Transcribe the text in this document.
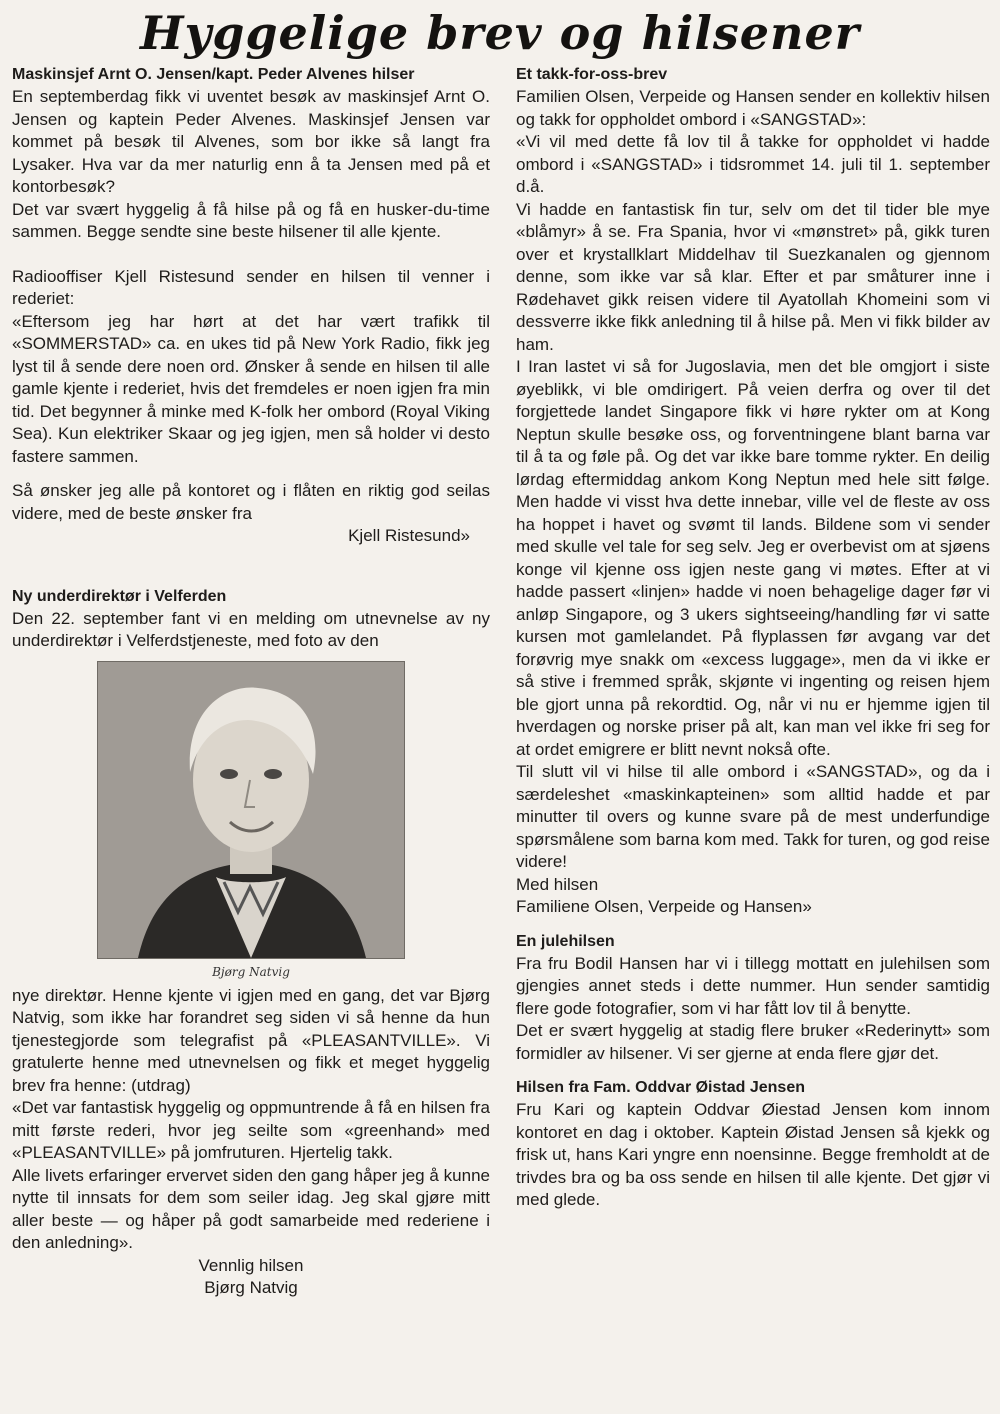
Hyggelige brev og hilsener

Maskinsjef Arnt O. Jensen/kapt. Peder Alvenes hilser

En septemberdag fikk vi uventet besøk av maskinsjef Arnt O. Jensen og kaptein Peder Alvenes. Maskinsjef Jensen var kommet på besøk til Alvenes, som bor ikke så langt fra Lysaker. Hva var da mer naturlig enn å ta Jensen med på et kontorbesøk?

Det var svært hyggelig å få hilse på og få en husker-du-time sammen. Begge sendte sine beste hilsener til alle kjente.

Radiooffiser Kjell Ristesund sender en hilsen til venner i rederiet:

«Eftersom jeg har hørt at det har vært trafikk til «SOMMERSTAD» ca. en ukes tid på New York Radio, fikk jeg lyst til å sende dere noen ord. Ønsker å sende en hilsen til alle gamle kjente i rederiet, hvis det fremdeles er noen igjen fra min tid. Det begynner å minke med K-folk her ombord (Royal Viking Sea). Kun elektriker Skaar og jeg igjen, men så holder vi desto fastere sammen.

Så ønsker jeg alle på kontoret og i flåten en riktig god seilas videre, med de beste ønsker fra

Kjell Ristesund»

Ny underdirektør i Velferden

Den 22. september fant vi en melding om utnevnelse av ny underdirektør i Velferdstjeneste, med foto av den

Bjørg Natvig

nye direktør. Henne kjente vi igjen med en gang, det var Bjørg Natvig, som ikke har forandret seg siden vi så henne da hun tjenestegjorde som telegrafist på «PLEASANTVILLE». Vi gratulerte henne med utnevnelsen og fikk et meget hyggelig brev fra henne: (utdrag)

«Det var fantastisk hyggelig og oppmuntrende å få en hilsen fra mitt første rederi, hvor jeg seilte som «greenhand» med «PLEASANTVILLE» på jomfruturen. Hjertelig takk.

Alle livets erfaringer ervervet siden den gang håper jeg å kunne nytte til innsats for dem som seiler idag. Jeg skal gjøre mitt aller beste — og håper på godt samarbeide med rederiene i den anledning».

Vennlig hilsen

Bjørg Natvig

Et takk-for-oss-brev

Familien Olsen, Verpeide og Hansen sender en kollektiv hilsen og takk for oppholdet ombord i «SANGSTAD»:

«Vi vil med dette få lov til å takke for oppholdet vi hadde ombord i «SANGSTAD» i tidsrommet 14. juli til 1. september d.å.

Vi hadde en fantastisk fin tur, selv om det til tider ble mye «blåmyr» å se. Fra Spania, hvor vi «mønstret» på, gikk turen over et krystallklart Middelhav til Suezkanalen og gjennom denne, som ikke var så klar. Efter et par småturer inne i Rødehavet gikk reisen videre til Ayatollah Khomeini som vi dessverre ikke fikk anledning til å hilse på. Men vi fikk bilder av ham.

I Iran lastet vi så for Jugoslavia, men det ble omgjort i siste øyeblikk, vi ble omdirigert. På veien derfra og over til det forgjettede landet Singapore fikk vi høre rykter om at Kong Neptun skulle besøke oss, og forventningene blant barna var til å ta og føle på. Og det var ikke bare tomme rykter. En deilig lørdag eftermiddag ankom Kong Neptun med hele sitt følge. Men hadde vi visst hva dette innebar, ville vel de fleste av oss ha hoppet i havet og svømt til lands. Bildene som vi sender med skulle vel tale for seg selv. Jeg er overbevist om at sjøens konge vil kjenne oss igjen neste gang vi møtes. Efter at vi hadde passert «linjen» hadde vi noen behagelige dager før vi anløp Singapore, og 3 ukers sightseeing/handling før vi satte kursen mot gamlelandet. På flyplassen før avgang var det forøvrig mye snakk om «excess luggage», men da vi ikke er så stive i fremmed språk, skjønte vi ingenting og reisen hjem ble gjort unna på rekordtid. Og, når vi nu er hjemme igjen til hverdagen og norske priser på alt, kan man vel ikke fri seg for at ordet emigrere er blitt nevnt nokså ofte.

Til slutt vil vi hilse til alle ombord i «SANGSTAD», og da i særdeleshet «maskinkapteinen» som alltid hadde et par minutter til overs og kunne svare på de mest underfundige spørsmålene som barna kom med. Takk for turen, og god reise videre!

Med hilsen

Familiene Olsen, Verpeide og Hansen»

En julehilsen

Fra fru Bodil Hansen har vi i tillegg mottatt en julehilsen som gjengies annet steds i dette nummer. Hun sender samtidig flere gode fotografier, som vi har fått lov til å benytte.

Det er svært hyggelig at stadig flere bruker «Rederinytt» som formidler av hilsener. Vi ser gjerne at enda flere gjør det.

Hilsen fra Fam. Oddvar Øistad Jensen

Fru Kari og kaptein Oddvar Øiestad Jensen kom innom kontoret en dag i oktober. Kaptein Øistad Jensen så kjekk og frisk ut, hans Kari yngre enn noensinne. Begge fremholdt at de trivdes bra og ba oss sende en hilsen til alle kjente. Det gjør vi med glede.
